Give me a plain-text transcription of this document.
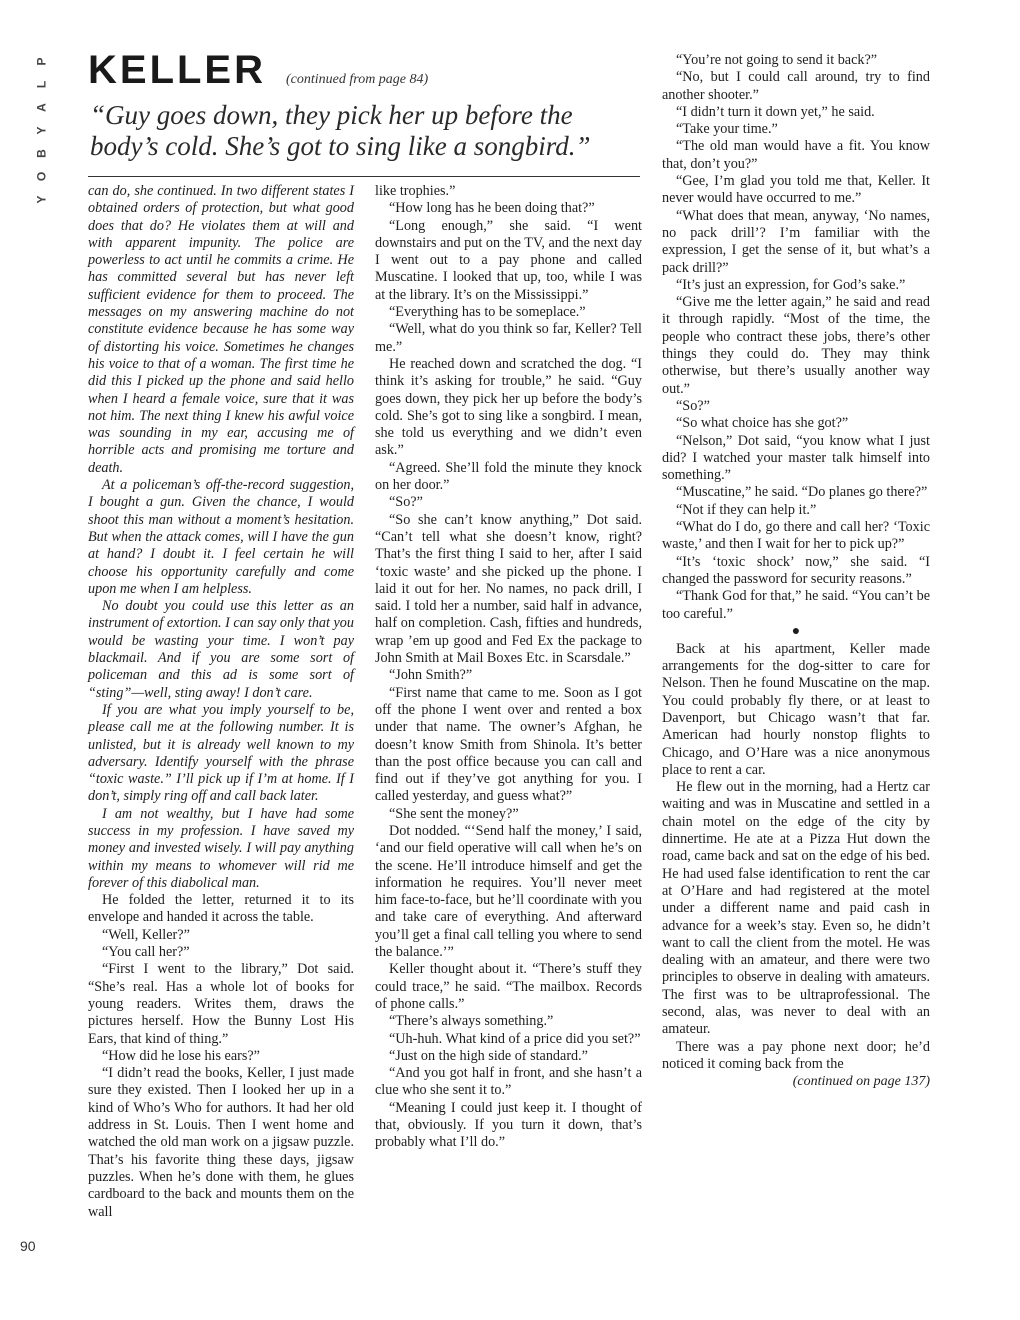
P
L
A
Y
B
O
Y
90
KELLER (continued from page 84)
“Guy goes down, they pick her up before the body’s cold. She’s got to sing like a songbird.”

can do, she continued. In two different states I obtained orders of protection, but what good does that do? He violates them at will and with apparent impunity. The police are powerless to act until he commits a crime. He has committed several but has never left sufficient evidence for them to proceed. The messages on my answering machine do not constitute evidence because he has some way of distorting his voice. Sometimes he changes his voice to that of a woman. The first time he did this I picked up the phone and said hello when I heard a female voice, sure that it was not him. The next thing I knew his awful voice was sounding in my ear, accusing me of horrible acts and promising me torture and death.

At a policeman’s off-the-record suggestion, I bought a gun. Given the chance, I would shoot this man without a moment’s hesitation. But when the attack comes, will I have the gun at hand? I doubt it. I feel certain he will choose his opportunity carefully and come upon me when I am helpless.

No doubt you could use this letter as an instrument of extortion. I can say only that you would be wasting your time. I won’t pay blackmail. And if you are some sort of policeman and this ad is some sort of “sting”—well, sting away! I don’t care.

If you are what you imply yourself to be, please call me at the following number. It is unlisted, but it is already well known to my adversary. Identify yourself with the phrase “toxic waste.” I’ll pick up if I’m at home. If I don’t, simply ring off and call back later.

I am not wealthy, but I have had some success in my profession. I have saved my money and invested wisely. I will pay anything within my means to whomever will rid me forever of this diabolical man.

He folded the letter, returned it to its envelope and handed it across the table.

“Well, Keller?”

“You call her?”

“First I went to the library,” Dot said. “She’s real. Has a whole lot of books for young readers. Writes them, draws the pictures herself. How the Bunny Lost His Ears, that kind of thing.”

“How did he lose his ears?”

“I didn’t read the books, Keller, I just made sure they existed. Then I looked her up in a kind of Who’s Who for authors. It had her old address in St. Louis. Then I went home and watched the old man work on a jigsaw puzzle. That’s his favorite thing these days, jigsaw puzzles. When he’s done with them, he glues cardboard to the back and mounts them on the wall

like trophies.”

“How long has he been doing that?”

“Long enough,” she said. “I went downstairs and put on the TV, and the next day I went out to a pay phone and called Muscatine. I looked that up, too, while I was at the library. It’s on the Mississippi.”

“Everything has to be someplace.”

“Well, what do you think so far, Keller? Tell me.”

He reached down and scratched the dog. “I think it’s asking for trouble,” he said. “Guy goes down, they pick her up before the body’s cold. She’s got to sing like a songbird. I mean, she told us everything and we didn’t even ask.”

“Agreed. She’ll fold the minute they knock on her door.”

“So?”

“So she can’t know anything,” Dot said. “Can’t tell what she doesn’t know, right? That’s the first thing I said to her, after I said ‘toxic waste’ and she picked up the phone. I laid it out for her. No names, no pack drill, I said. I told her a number, said half in advance, half on completion. Cash, fifties and hundreds, wrap ’em up good and Fed Ex the package to John Smith at Mail Boxes Etc. in Scarsdale.”

“John Smith?”

“First name that came to me. Soon as I got off the phone I went over and rented a box under that name. The owner’s Afghan, he doesn’t know Smith from Shinola. It’s better than the post office because you can call and find out if they’ve got anything for you. I called yesterday, and guess what?”

“She sent the money?”

Dot nodded. “‘Send half the money,’ I said, ‘and our field operative will call when he’s on the scene. He’ll introduce himself and get the information he requires. You’ll never meet him face-to-face, but he’ll coordinate with you and take care of everything. And afterward you’ll get a final call telling you where to send the balance.’”

Keller thought about it. “There’s stuff they could trace,” he said. “The mailbox. Records of phone calls.”

“There’s always something.”

“Uh-huh. What kind of a price did you set?”

“Just on the high side of standard.”

“And you got half in front, and she hasn’t a clue who she sent it to.”

“Meaning I could just keep it. I thought of that, obviously. If you turn it down, that’s probably what I’ll do.”

“You’re not going to send it back?”

“No, but I could call around, try to find another shooter.”

“I didn’t turn it down yet,” he said.

“Take your time.”

“The old man would have a fit. You know that, don’t you?”

“Gee, I’m glad you told me that, Keller. It never would have occurred to me.”

“What does that mean, anyway, ‘No names, no pack drill’? I’m familiar with the expression, I get the sense of it, but what’s a pack drill?”

“It’s just an expression, for God’s sake.”

“Give me the letter again,” he said and read it through rapidly. “Most of the time, the people who contract these jobs, there’s other things they could do. They may think otherwise, but there’s usually another way out.”

“So?”

“So what choice has she got?”

“Nelson,” Dot said, “you know what I just did? I watched your master talk himself into something.”

“Muscatine,” he said. “Do planes go there?”

“Not if they can help it.”

“What do I do, go there and call her? ‘Toxic waste,’ and then I wait for her to pick up?”

“It’s ‘toxic shock’ now,” she said. “I changed the password for security reasons.”

“Thank God for that,” he said. “You can’t be too careful.”

●

Back at his apartment, Keller made arrangements for the dog-sitter to care for Nelson. Then he found Muscatine on the map. You could probably fly there, or at least to Davenport, but Chicago wasn’t that far. American had hourly nonstop flights to Chicago, and O’Hare was a nice anonymous place to rent a car.

He flew out in the morning, had a Hertz car waiting and was in Muscatine and settled in a chain motel on the edge of the city by dinnertime. He ate at a Pizza Hut down the road, came back and sat on the edge of his bed. He had used false identification to rent the car at O’Hare and had registered at the motel under a different name and paid cash in advance for a week’s stay. Even so, he didn’t want to call the client from the motel. He was dealing with an amateur, and there were two principles to observe in dealing with amateurs. The first was to be ultraprofessional. The second, alas, was never to deal with an amateur.

There was a pay phone next door; he’d noticed it coming back from the

(continued on page 137)
